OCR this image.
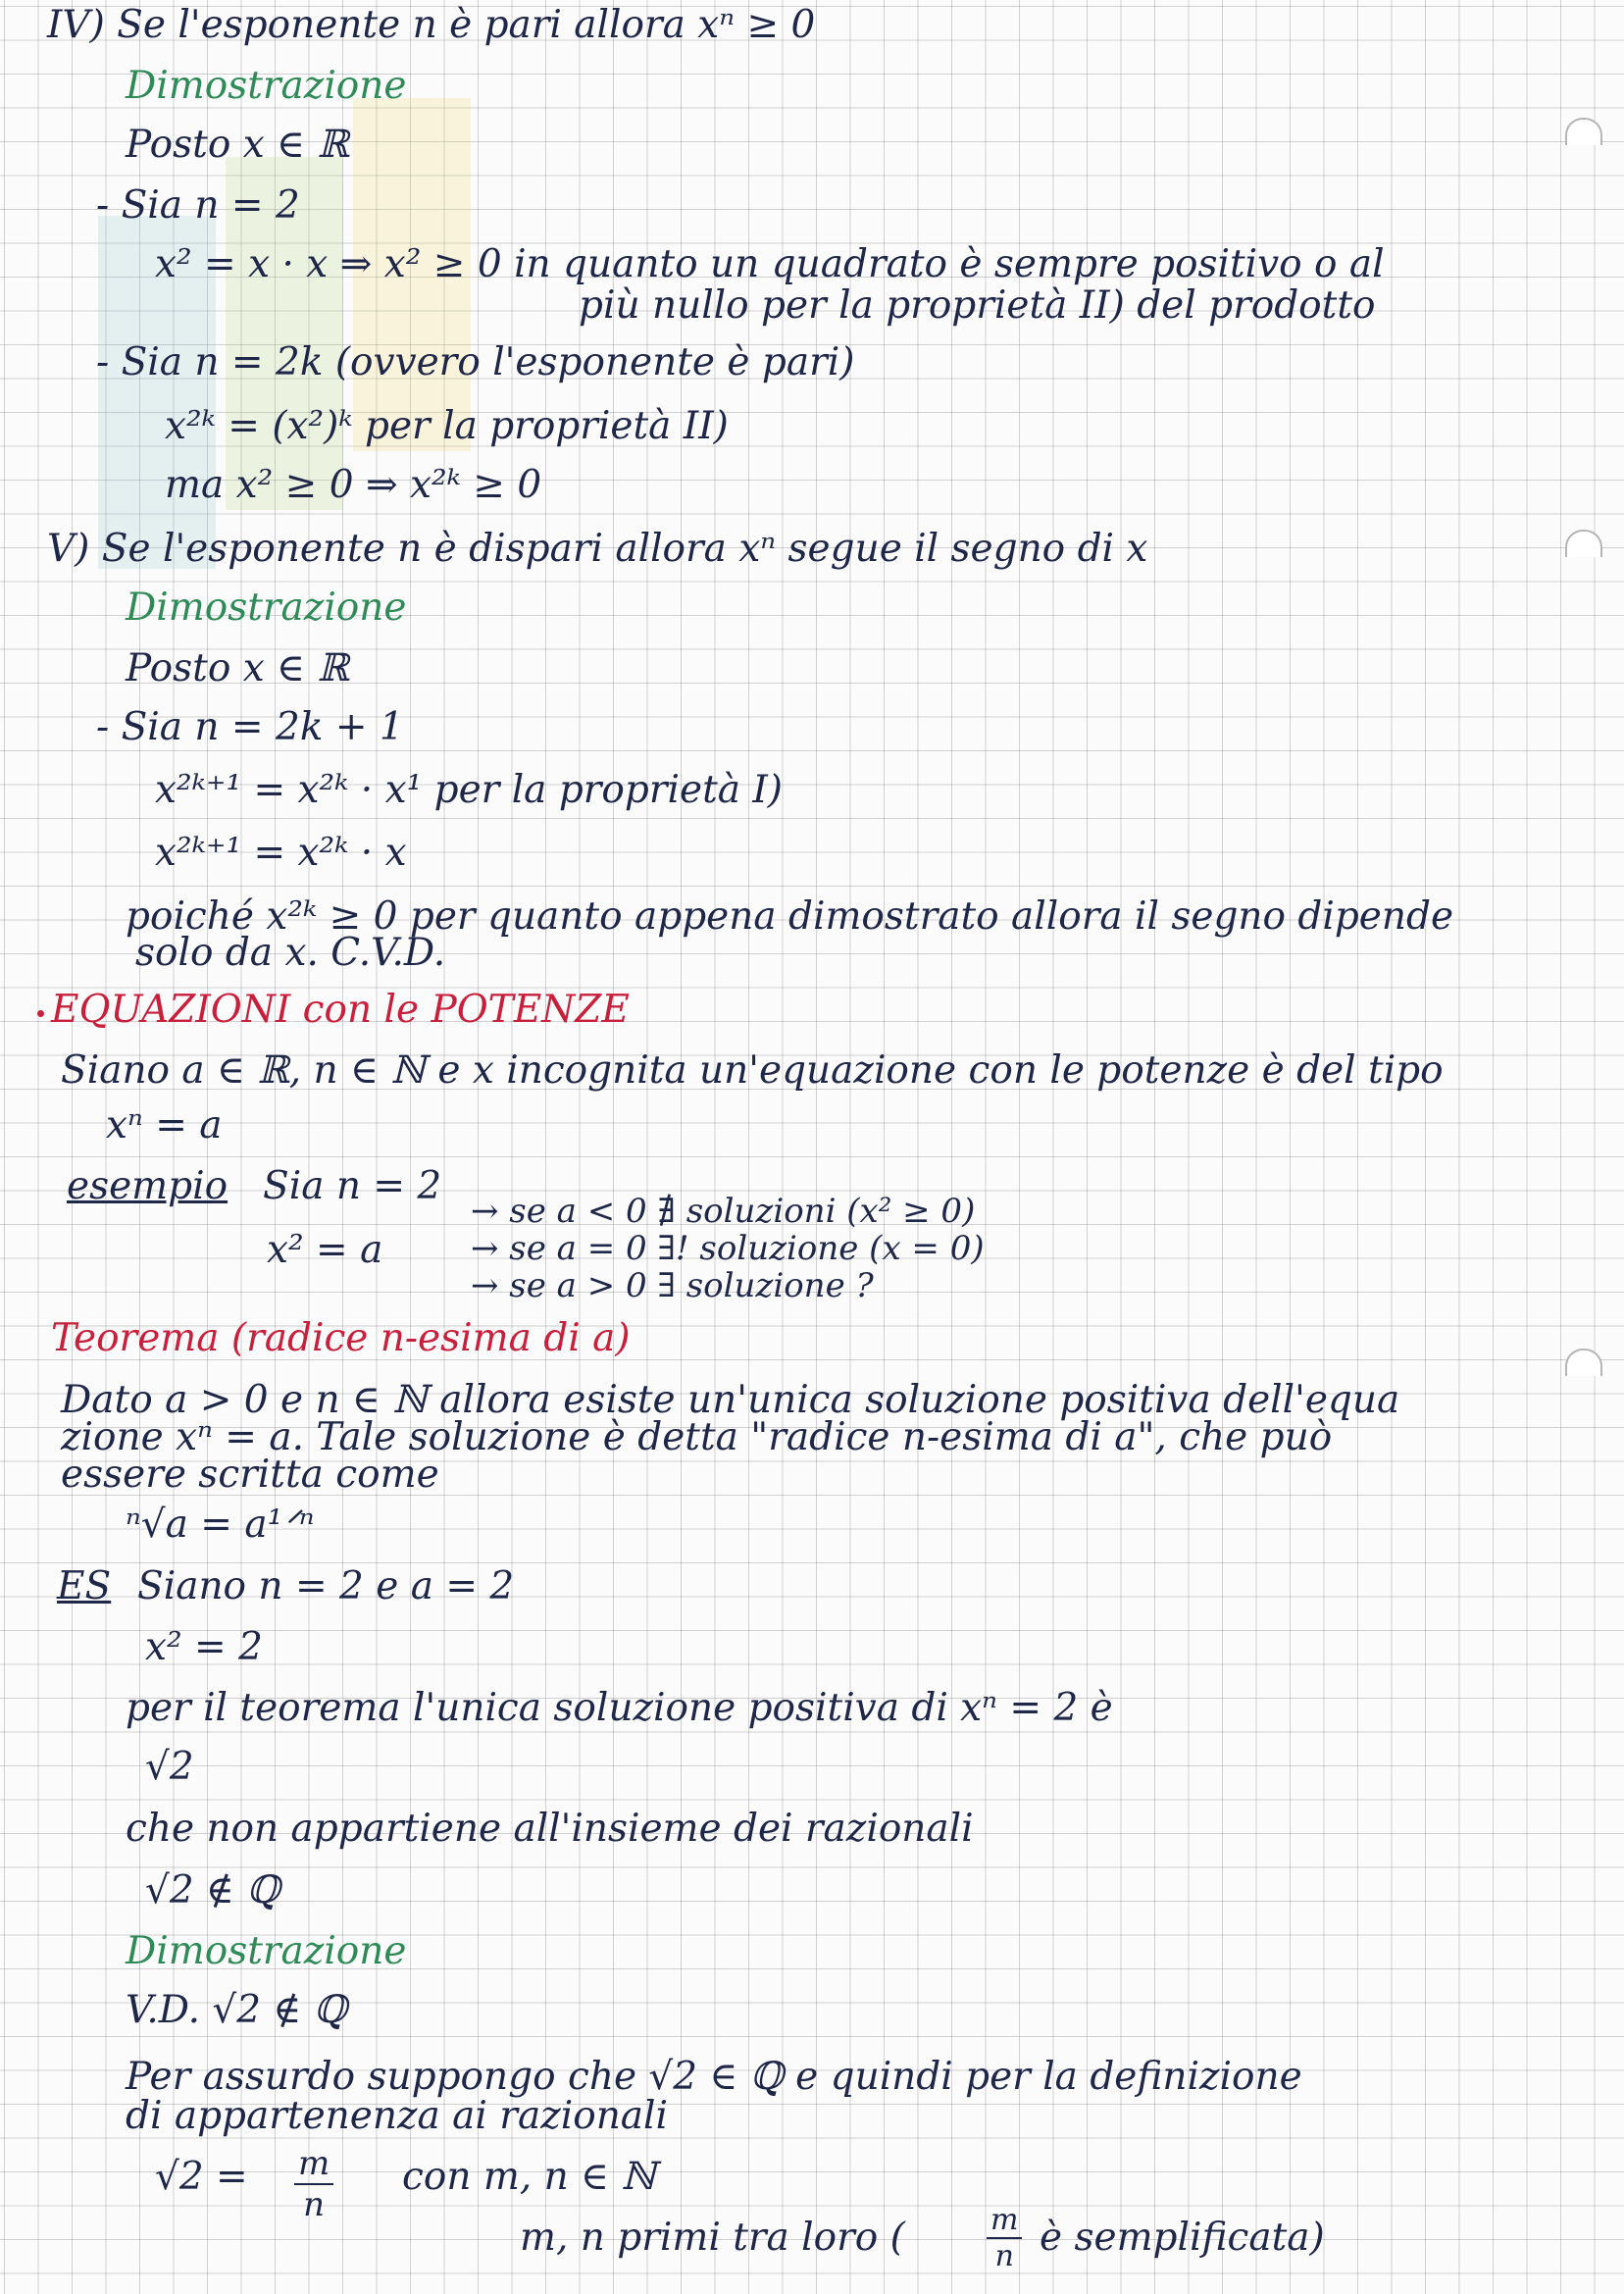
IV) Se l'esponente n è pari allora xⁿ ≥ 0
Dimostrazione
Posto x ∈ ℝ
- Sia n = 2
x² = x · x ⇒ x² ≥ 0 in quanto un quadrato è sempre positivo o al
più nullo per la proprietà II) del prodotto
- Sia n = 2k (ovvero l'esponente è pari)
x²ᵏ = (x²)ᵏ per la proprietà II)
ma x² ≥ 0 ⇒ x²ᵏ ≥ 0
V) Se l'esponente n è dispari allora xⁿ segue il segno di x
Dimostrazione
Posto x ∈ ℝ
- Sia n = 2k + 1
x²ᵏ⁺¹ = x²ᵏ · x¹ per la proprietà I)
x²ᵏ⁺¹ = x²ᵏ · x
poiché x²ᵏ ≥ 0 per quanto appena dimostrato allora il segno dipende
solo da x. C.V.D.
EQUAZIONI con le POTENZE
Siano a ∈ ℝ, n ∈ ℕ e x incognita un'equazione con le potenze è del tipo
xⁿ = a
esempio Sia n = 2
x² = a
→ se a < 0 ∄ soluzioni (x² ≥ 0)
→ se a = 0 ∃! soluzione (x = 0)
→ se a > 0 ∃ soluzione ?
Teorema (radice n-esima di a)
Dato a > 0 e n ∈ ℕ allora esiste un'unica soluzione positiva dell'equa
zione xⁿ = a. Tale soluzione è detta "radice n-esima di a", che può
essere scritta come
ⁿ√a = a¹ᐟⁿ
ES Siano n = 2 e a = 2
x² = 2
per il teorema l'unica soluzione positiva di xⁿ = 2 è
√2
che non appartiene all'insieme dei razionali
√2 ∉ ℚ
Dimostrazione
V.D. √2 ∉ ℚ
Per assurdo suppongo che √2 ∈ ℚ e quindi per la definizione
di appartenenza ai razionali
$√2 = \frac{m}{n}$ con m, n ∈ ℕ
m, n primi tra loro (	$\frac{m}{n}$ è semplificata)
